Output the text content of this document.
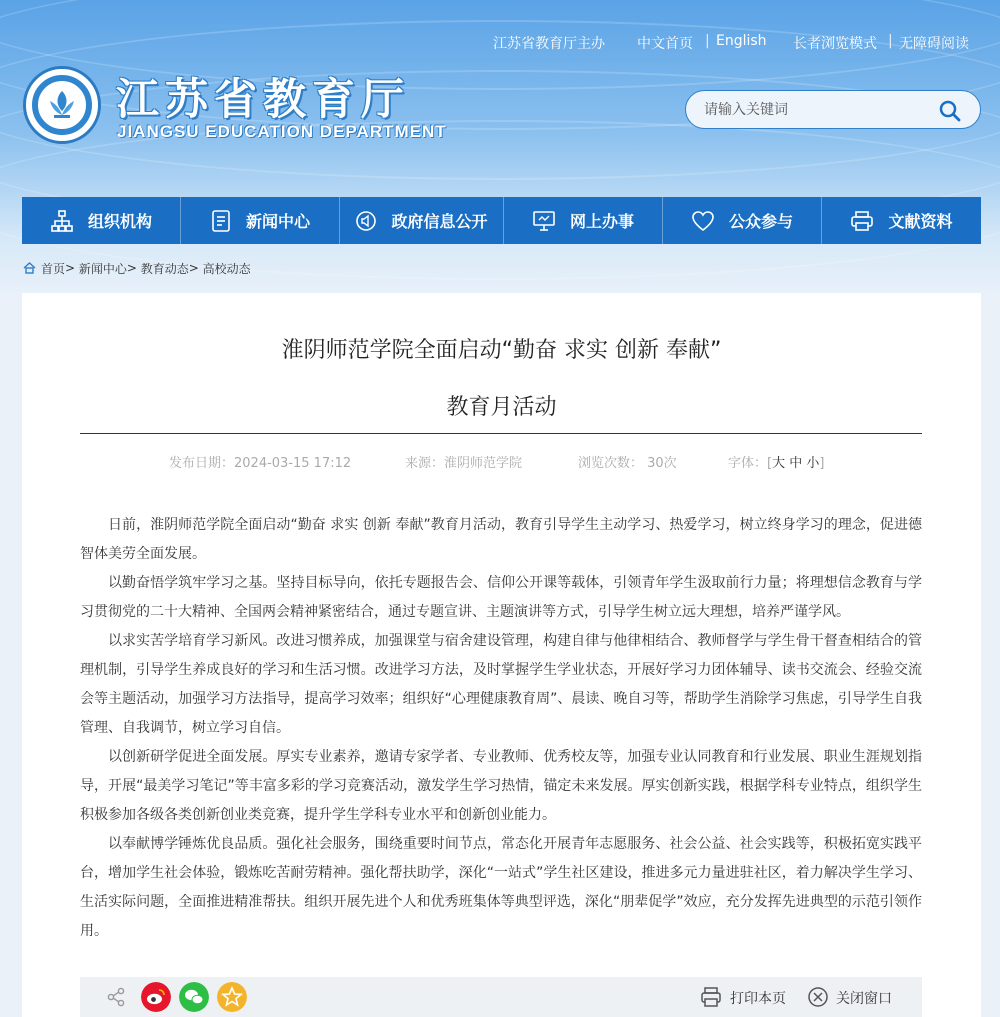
江苏省教育厅主办 中文首页 | English 长者浏览模式 | 无障碍阅读
江苏省教育厅
JIANGSU EDUCATION DEPARTMENT
请输入关键词
组织机构	新闻中心	政府信息公开	网上办事	公众参与	文献资料
首页 > 新闻中心 > 教育动态 > 高校动态
淮阴师范学院全面启动“勤奋 求实 创新 奉献”
教育月活动
发布日期：2024-03-15 17:12	来源：淮阴师范学院	浏览次数： 30次	字体：[大 中 小]

日前，淮阴师范学院全面启动“勤奋 求实 创新 奉献”教育月活动，教育引导学生主动学习、热爱学习，树立终身学习的理念，促进德智体美劳全面发展。

以勤奋悟学筑牢学习之基。坚持目标导向，依托专题报告会、信仰公开课等载体，引领青年学生汲取前行力量；将理想信念教育与学习贯彻党的二十大精神、全国两会精神紧密结合，通过专题宣讲、主题演讲等方式，引导学生树立远大理想，培养严谨学风。

以求实苦学培育学习新风。改进习惯养成，加强课堂与宿舍建设管理，构建自律与他律相结合、教师督学与学生骨干督查相结合的管理机制，引导学生养成良好的学习和生活习惯。改进学习方法，及时掌握学生学业状态，开展好学习力团体辅导、读书交流会、经验交流会等主题活动，加强学习方法指导，提高学习效率；组织好“心理健康教育周”、晨读、晚自习等，帮助学生消除学习焦虑，引导学生自我管理、自我调节，树立学习自信。

以创新研学促进全面发展。厚实专业素养，邀请专家学者、专业教师、优秀校友等，加强专业认同教育和行业发展、职业生涯规划指导，开展“最美学习笔记”等丰富多彩的学习竞赛活动，激发学生学习热情，锚定未来发展。厚实创新实践，根据学科专业特点，组织学生积极参加各级各类创新创业类竞赛，提升学生学科专业水平和创新创业能力。

以奉献博学锤炼优良品质。强化社会服务，围绕重要时间节点，常态化开展青年志愿服务、社会公益、社会实践等，积极拓宽实践平台，增加学生社会体验，锻炼吃苦耐劳精神。强化帮扶助学，深化“一站式”学生社区建设，推进多元力量进驻社区，着力解决学生学习、生活实际问题，全面推进精准帮扶。组织开展先进个人和优秀班集体等典型评选，深化“朋辈促学”效应，充分发挥先进典型的示范引领作用。

打印本页	关闭窗口
